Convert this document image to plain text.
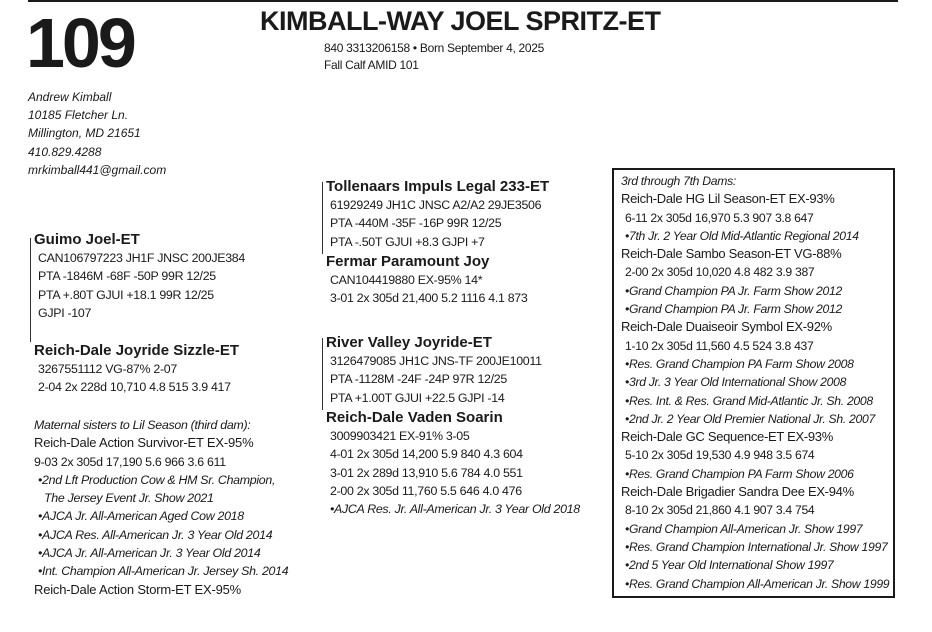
109	KIMBALL-WAY JOEL SPRITZ-ET
840 3313206158 • Born September 4, 2025
Fall Calf AMID 101
Andrew Kimball
10185 Fletcher Ln.
Millington, MD 21651
410.829.4288
mrkimball441@gmail.com
Guimo Joel-ET
CAN106797223 JH1F JNSC 200JE384
PTA -1846M -68F -50P 99R 12/25
PTA +.80T GJUI +18.1 99R 12/25
GJPI -107
Reich-Dale Joyride Sizzle-ET
3267551112 VG-87% 2-07
2-04 2x 228d 10,710 4.8 515 3.9 417
Maternal sisters to Lil Season (third dam):
Reich-Dale Action Survivor-ET EX-95%
9-03 2x 305d 17,190 5.6 966 3.6 611
•2nd Lft Production Cow & HM Sr. Champion,
The Jersey Event Jr. Show 2021
•AJCA Jr. All-American Aged Cow 2018
•AJCA Res. All-American Jr. 3 Year Old 2014
•AJCA Jr. All-American Jr. 3 Year Old 2014
•Int. Champion All-American Jr. Jersey Sh. 2014
Reich-Dale Action Storm-ET EX-95%
Tollenaars Impuls Legal 233-ET
61929249 JH1C JNSC A2/A2 29JE3506
PTA -440M -35F -16P 99R 12/25
PTA -.50T GJUI +8.3 GJPI +7
Fermar Paramount Joy
CAN104419880 EX-95% 14*
3-01 2x 305d 21,400 5.2 1116 4.1 873
River Valley Joyride-ET
3126479085 JH1C JNS-TF 200JE10011
PTA -1128M -24F -24P 97R 12/25
PTA +1.00T GJUI +22.5 GJPI -14
Reich-Dale Vaden Soarin
3009903421 EX-91% 3-05
4-01 2x 305d 14,200 5.9 840 4.3 604
3-01 2x 289d 13,910 5.6 784 4.0 551
2-00 2x 305d 11,760 5.5 646 4.0 476
•AJCA Res. Jr. All-American Jr. 3 Year Old 2018
3rd through 7th Dams:
Reich-Dale HG Lil Season-ET EX-93%
6-11 2x 305d 16,970 5.3 907 3.8 647
•7th Jr. 2 Year Old Mid-Atlantic Regional 2014
Reich-Dale Sambo Season-ET VG-88%
2-00 2x 305d 10,020 4.8 482 3.9 387
•Grand Champion PA Jr. Farm Show 2012
•Grand Champion PA Jr. Farm Show 2012
Reich-Dale Duaiseoir Symbol EX-92%
1-10 2x 305d 11,560 4.5 524 3.8 437
•Res. Grand Champion PA Farm Show 2008
•3rd Jr. 3 Year Old International Show 2008
•Res. Int. & Res. Grand Mid-Atlantic Jr. Sh. 2008
•2nd Jr. 2 Year Old Premier National Jr. Sh. 2007
Reich-Dale GC Sequence-ET EX-93%
5-10 2x 305d 19,530 4.9 948 3.5 674
•Res. Grand Champion PA Farm Show 2006
Reich-Dale Brigadier Sandra Dee EX-94%
8-10 2x 305d 21,860 4.1 907 3.4 754
•Grand Champion All-American Jr. Show 1997
•Res. Grand Champion International Jr. Show 1997
•2nd 5 Year Old International Show 1997
•Res. Grand Champion All-American Jr. Show 1999
